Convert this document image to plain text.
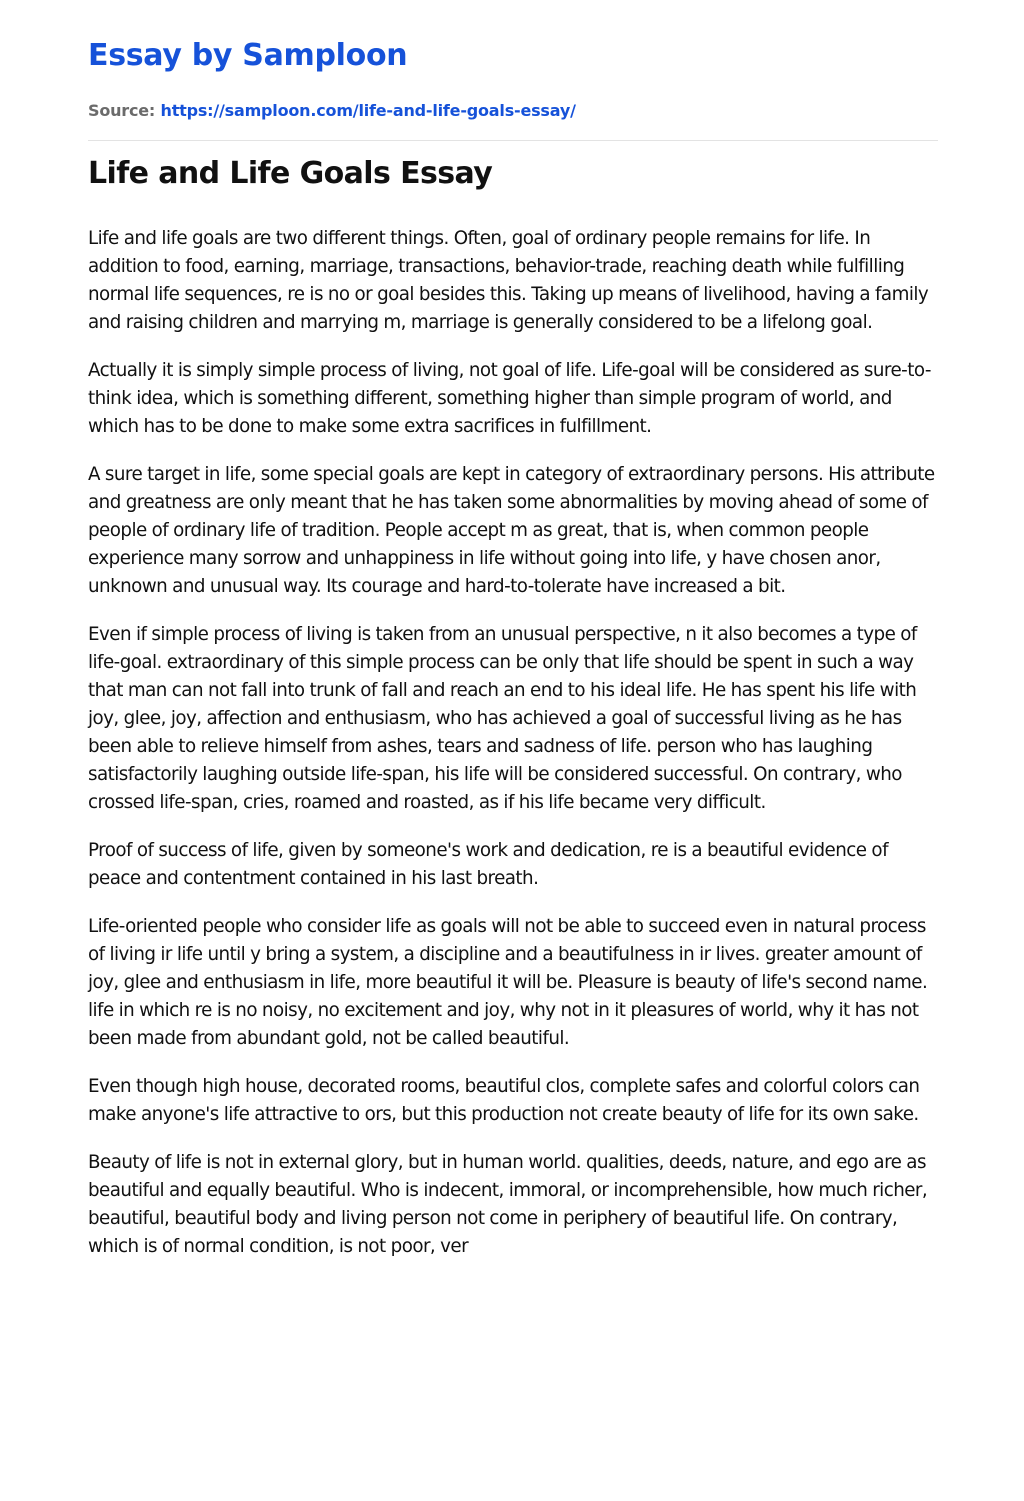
Essay by Samploon
Source: https://samploon.com/life-and-life-goals-essay/
Life and Life Goals Essay

Life and life goals are two different things. Often, goal of ordinary people remains for life. In addition to food, earning, marriage, transactions, behavior-trade, reaching death while fulfilling normal life sequences, re is no or goal besides this. Taking up means of livelihood, having a family and raising children and marrying m, marriage is generally considered to be a lifelong goal.

Actually it is simply simple process of living, not goal of life. Life-goal will be considered as sure-to-think idea, which is something different, something higher than simple program of world, and which has to be done to make some extra sacrifices in fulfillment.

A sure target in life, some special goals are kept in category of extraordinary persons. His attribute and greatness are only meant that he has taken some abnormalities by moving ahead of some of people of ordinary life of tradition. People accept m as great, that is, when common people experience many sorrow and unhappiness in life without going into life, y have chosen anor, unknown and unusual way. Its courage and hard-to-tolerate have increased a bit.

Even if simple process of living is taken from an unusual perspective, n it also becomes a type of life-goal. extraordinary of this simple process can be only that life should be spent in such a way that man can not fall into trunk of fall and reach an end to his ideal life. He has spent his life with joy, glee, joy, affection and enthusiasm, who has achieved a goal of successful living as he has been able to relieve himself from ashes, tears and sadness of life. person who has laughing satisfactorily laughing outside life-span, his life will be considered successful. On contrary, who crossed life-span, cries, roamed and roasted, as if his life became very difficult.

Proof of success of life, given by someone's work and dedication, re is a beautiful evidence of peace and contentment contained in his last breath.

Life-oriented people who consider life as goals will not be able to succeed even in natural process of living ir life until y bring a system, a discipline and a beautifulness in ir lives. greater amount of joy, glee and enthusiasm in life, more beautiful it will be. Pleasure is beauty of life's second name. life in which re is no noisy, no excitement and joy, why not in it pleasures of world, why it has not been made from abundant gold, not be called beautiful.

Even though high house, decorated rooms, beautiful clos, complete safes and colorful colors can make anyone's life attractive to ors, but this production not create beauty of life for its own sake.

Beauty of life is not in external glory, but in human world. qualities, deeds, nature, and ego are as beautiful and equally beautiful. Who is indecent, immoral, or incomprehensible, how much richer, beautiful, beautiful body and living person not come in periphery of beautiful life. On contrary, which is of normal condition, is not poor, ver
